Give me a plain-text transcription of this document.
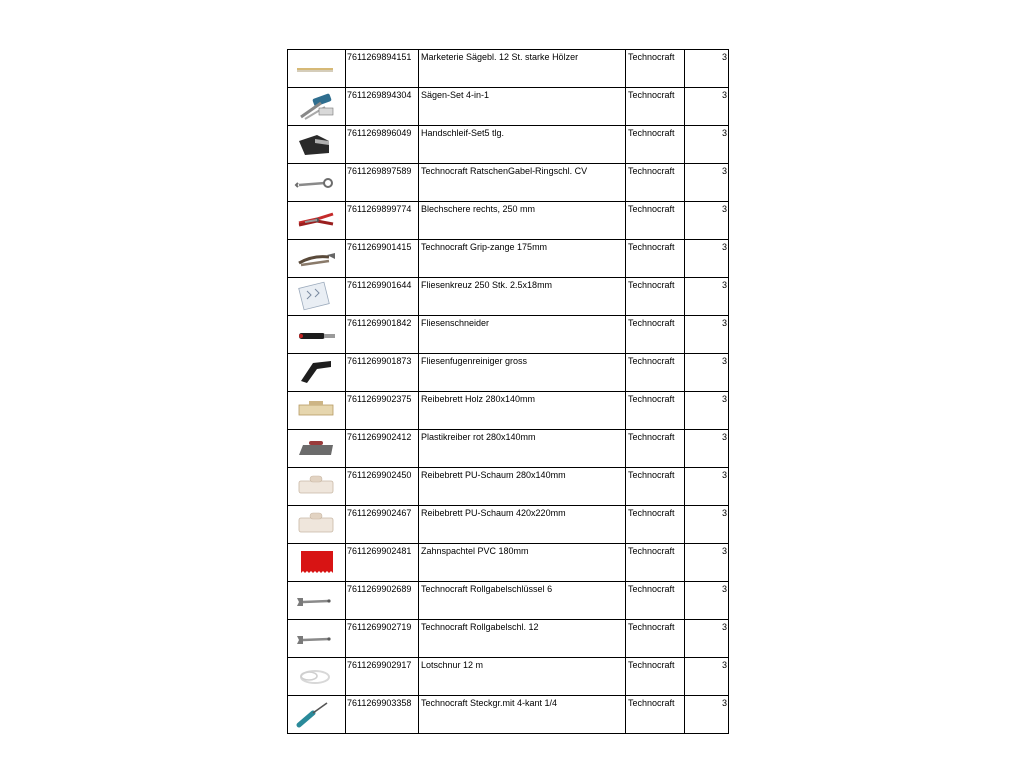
	7611269894151	Marketerie Sägebl. 12 St. starke Hölzer	Technocraft	3

	7611269894304	Sägen-Set 4-in-1	Technocraft	3

	7611269896049	Handschleif-Set5 tlg.	Technocraft	3

	7611269897589	Technocraft RatschenGabel-Ringschl. CV	Technocraft	3

	7611269899774	Blechschere rechts, 250 mm	Technocraft	3

	7611269901415	Technocraft Grip-zange 175mm	Technocraft	3

	7611269901644	Fliesenkreuz 250 Stk. 2.5x18mm	Technocraft	3

	7611269901842	Fliesenschneider	Technocraft	3

	7611269901873	Fliesenfugenreiniger gross	Technocraft	3

	7611269902375	Reibebrett Holz 280x140mm	Technocraft	3

	7611269902412	Plastikreiber rot 280x140mm	Technocraft	3

	7611269902450	Reibebrett PU-Schaum 280x140mm	Technocraft	3

	7611269902467	Reibebrett PU-Schaum 420x220mm	Technocraft	3

	7611269902481	Zahnspachtel PVC 180mm	Technocraft	3

	7611269902689	Technocraft Rollgabelschlüssel 6	Technocraft	3

	7611269902719	Technocraft Rollgabelschl. 12	Technocraft	3

	7611269902917	Lotschnur 12 m	Technocraft	3

	7611269903358	Technocraft Steckgr.mit 4-kant 1/4	Technocraft	3
